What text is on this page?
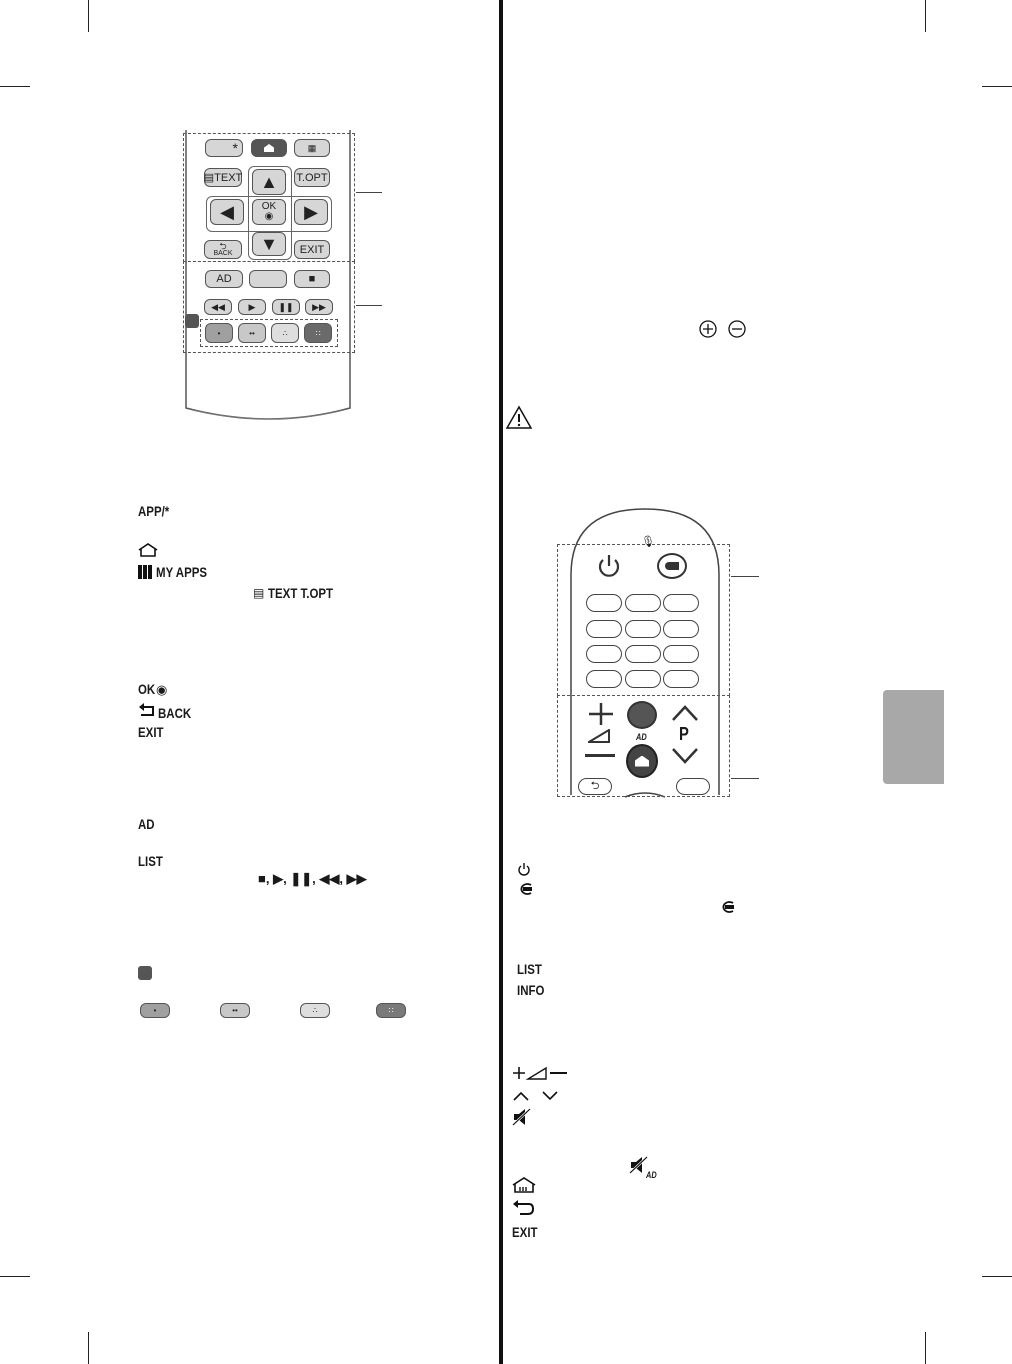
*	▦
▤ TEXT	T.OPT
▲
◀	OK
◉ ▶
▼
⮌
BACK	EXIT
AD	■
◀◀	▶	❚❚ ▶▶
•	••	∴	∷
APP/*
MY APPS
▤ TEXT T.OPT
OK ◉
BACK
EXIT
AD
LIST
■, ▶, ❚❚, ◀◀, ▶▶
•	••	∴	∷
🎙
AD P
⮌
LIST
INFO
AD
EXIT
